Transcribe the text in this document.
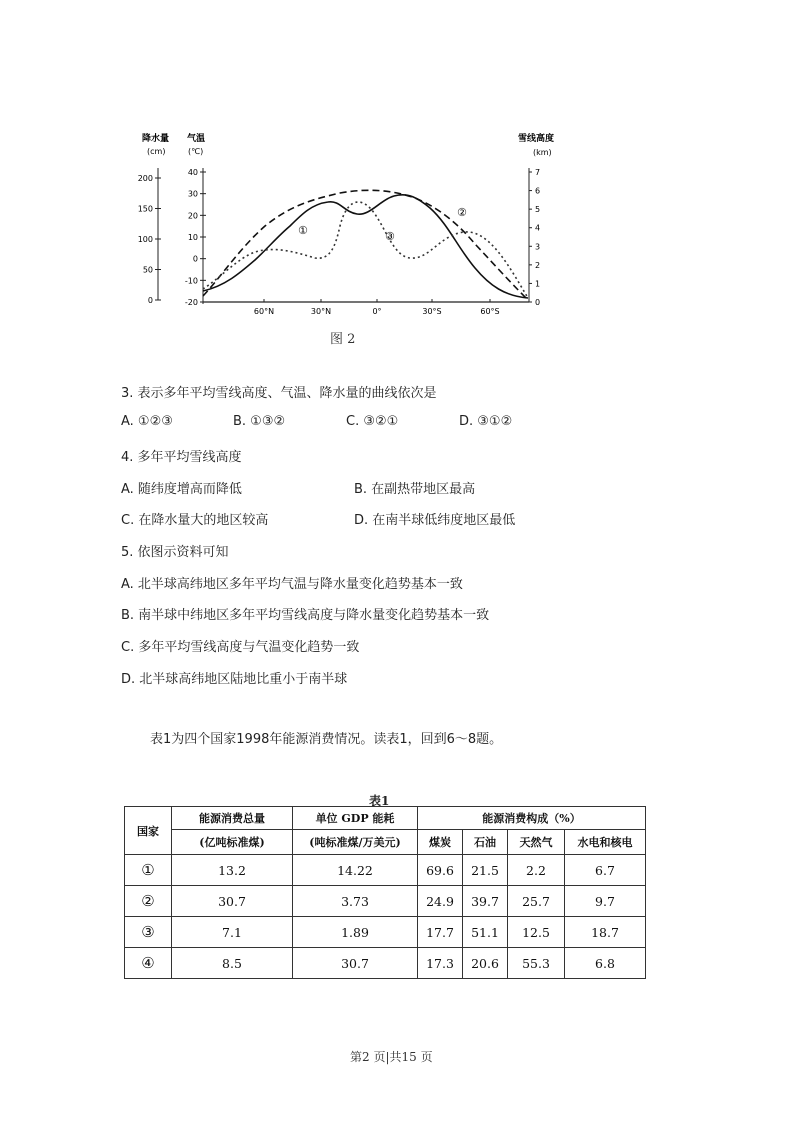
降水量
(cm)
气温
(℃)
雪线高度
(km)
200
150
100
50
0
40
30
20
10
0
-10
-20
7
6
5
4
3
2
1
0
60°N	30°N	0°	30°S	60°S
①	③
②
图 2
3. 表示多年平均雪线高度、气温、降水量的曲线依次是
A. ①②③	B. ①③②	C. ③②①	D. ③①②
4. 多年平均雪线高度
A. 随纬度增高而降低	B. 在副热带地区最高
C. 在降水量大的地区较高	D. 在南半球低纬度地区最低
5. 依图示资料可知
A. 北半球高纬地区多年平均气温与降水量变化趋势基本一致
B. 南半球中纬地区多年平均雪线高度与降水量变化趋势基本一致
C. 多年平均雪线高度与气温变化趋势一致
D. 北半球高纬地区陆地比重小于南半球
表1为四个国家1998年能源消费情况。读表1，回到6～8题。
表1
国家	能源消费总量	单位 GDP 能耗	能源消费构成（%）			
	(亿吨标准煤)	(吨标准煤/万美元)	煤炭	石油	天然气	水电和核电
①	13.2	14.22	69.6	21.5	2.2	6.7
②	30.7	3.73	24.9	39.7	25.7	9.7
③	7.1	1.89	17.7	51.1	12.5	18.7
④	8.5	30.7	17.3	20.6	55.3	6.8
第2 页|共15 页
